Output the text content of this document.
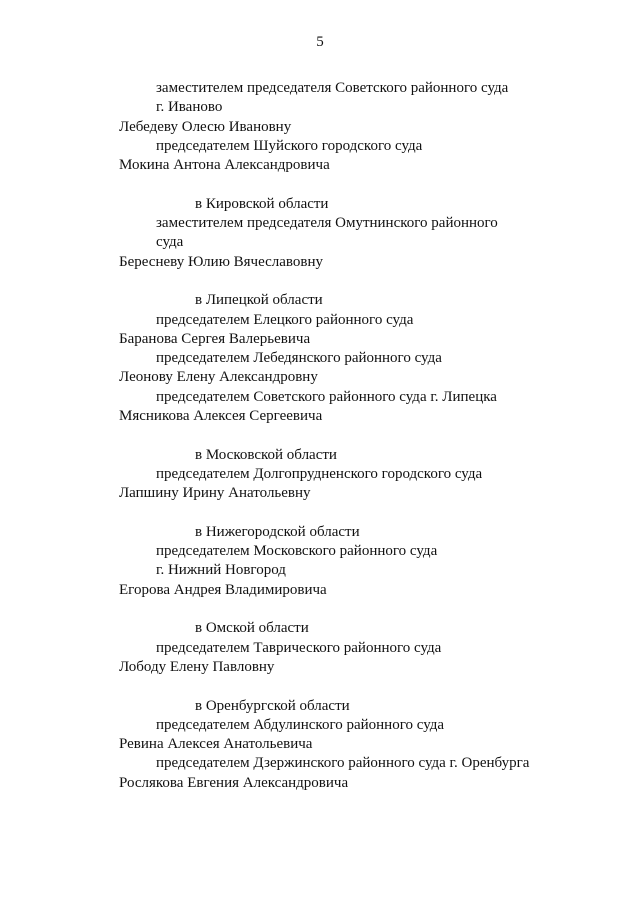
5
заместителем председателя Советского районного суда
г. Иваново
Лебедеву Олесю Ивановну
председателем Шуйского городского суда
Мокина Антона Александровича
в Кировской области
заместителем председателя Омутнинского районного
суда
Бересневу Юлию Вячеславовну
в Липецкой области
председателем Елецкого районного суда
Баранова Сергея Валерьевича
председателем Лебедянского районного суда
Леонову Елену Александровну
председателем Советского районного суда г. Липецка
Мясникова Алексея Сергеевича
в Московской области
председателем Долгопрудненского городского суда
Лапшину Ирину Анатольевну
в Нижегородской области
председателем Московского районного суда
г. Нижний Новгород
Егорова Андрея Владимировича
в Омской области
председателем Таврического районного суда
Лободу Елену Павловну
в Оренбургской области
председателем Абдулинского районного суда
Ревина Алексея Анатольевича
председателем Дзержинского районного суда г. Оренбурга
Рослякова Евгения Александровича
